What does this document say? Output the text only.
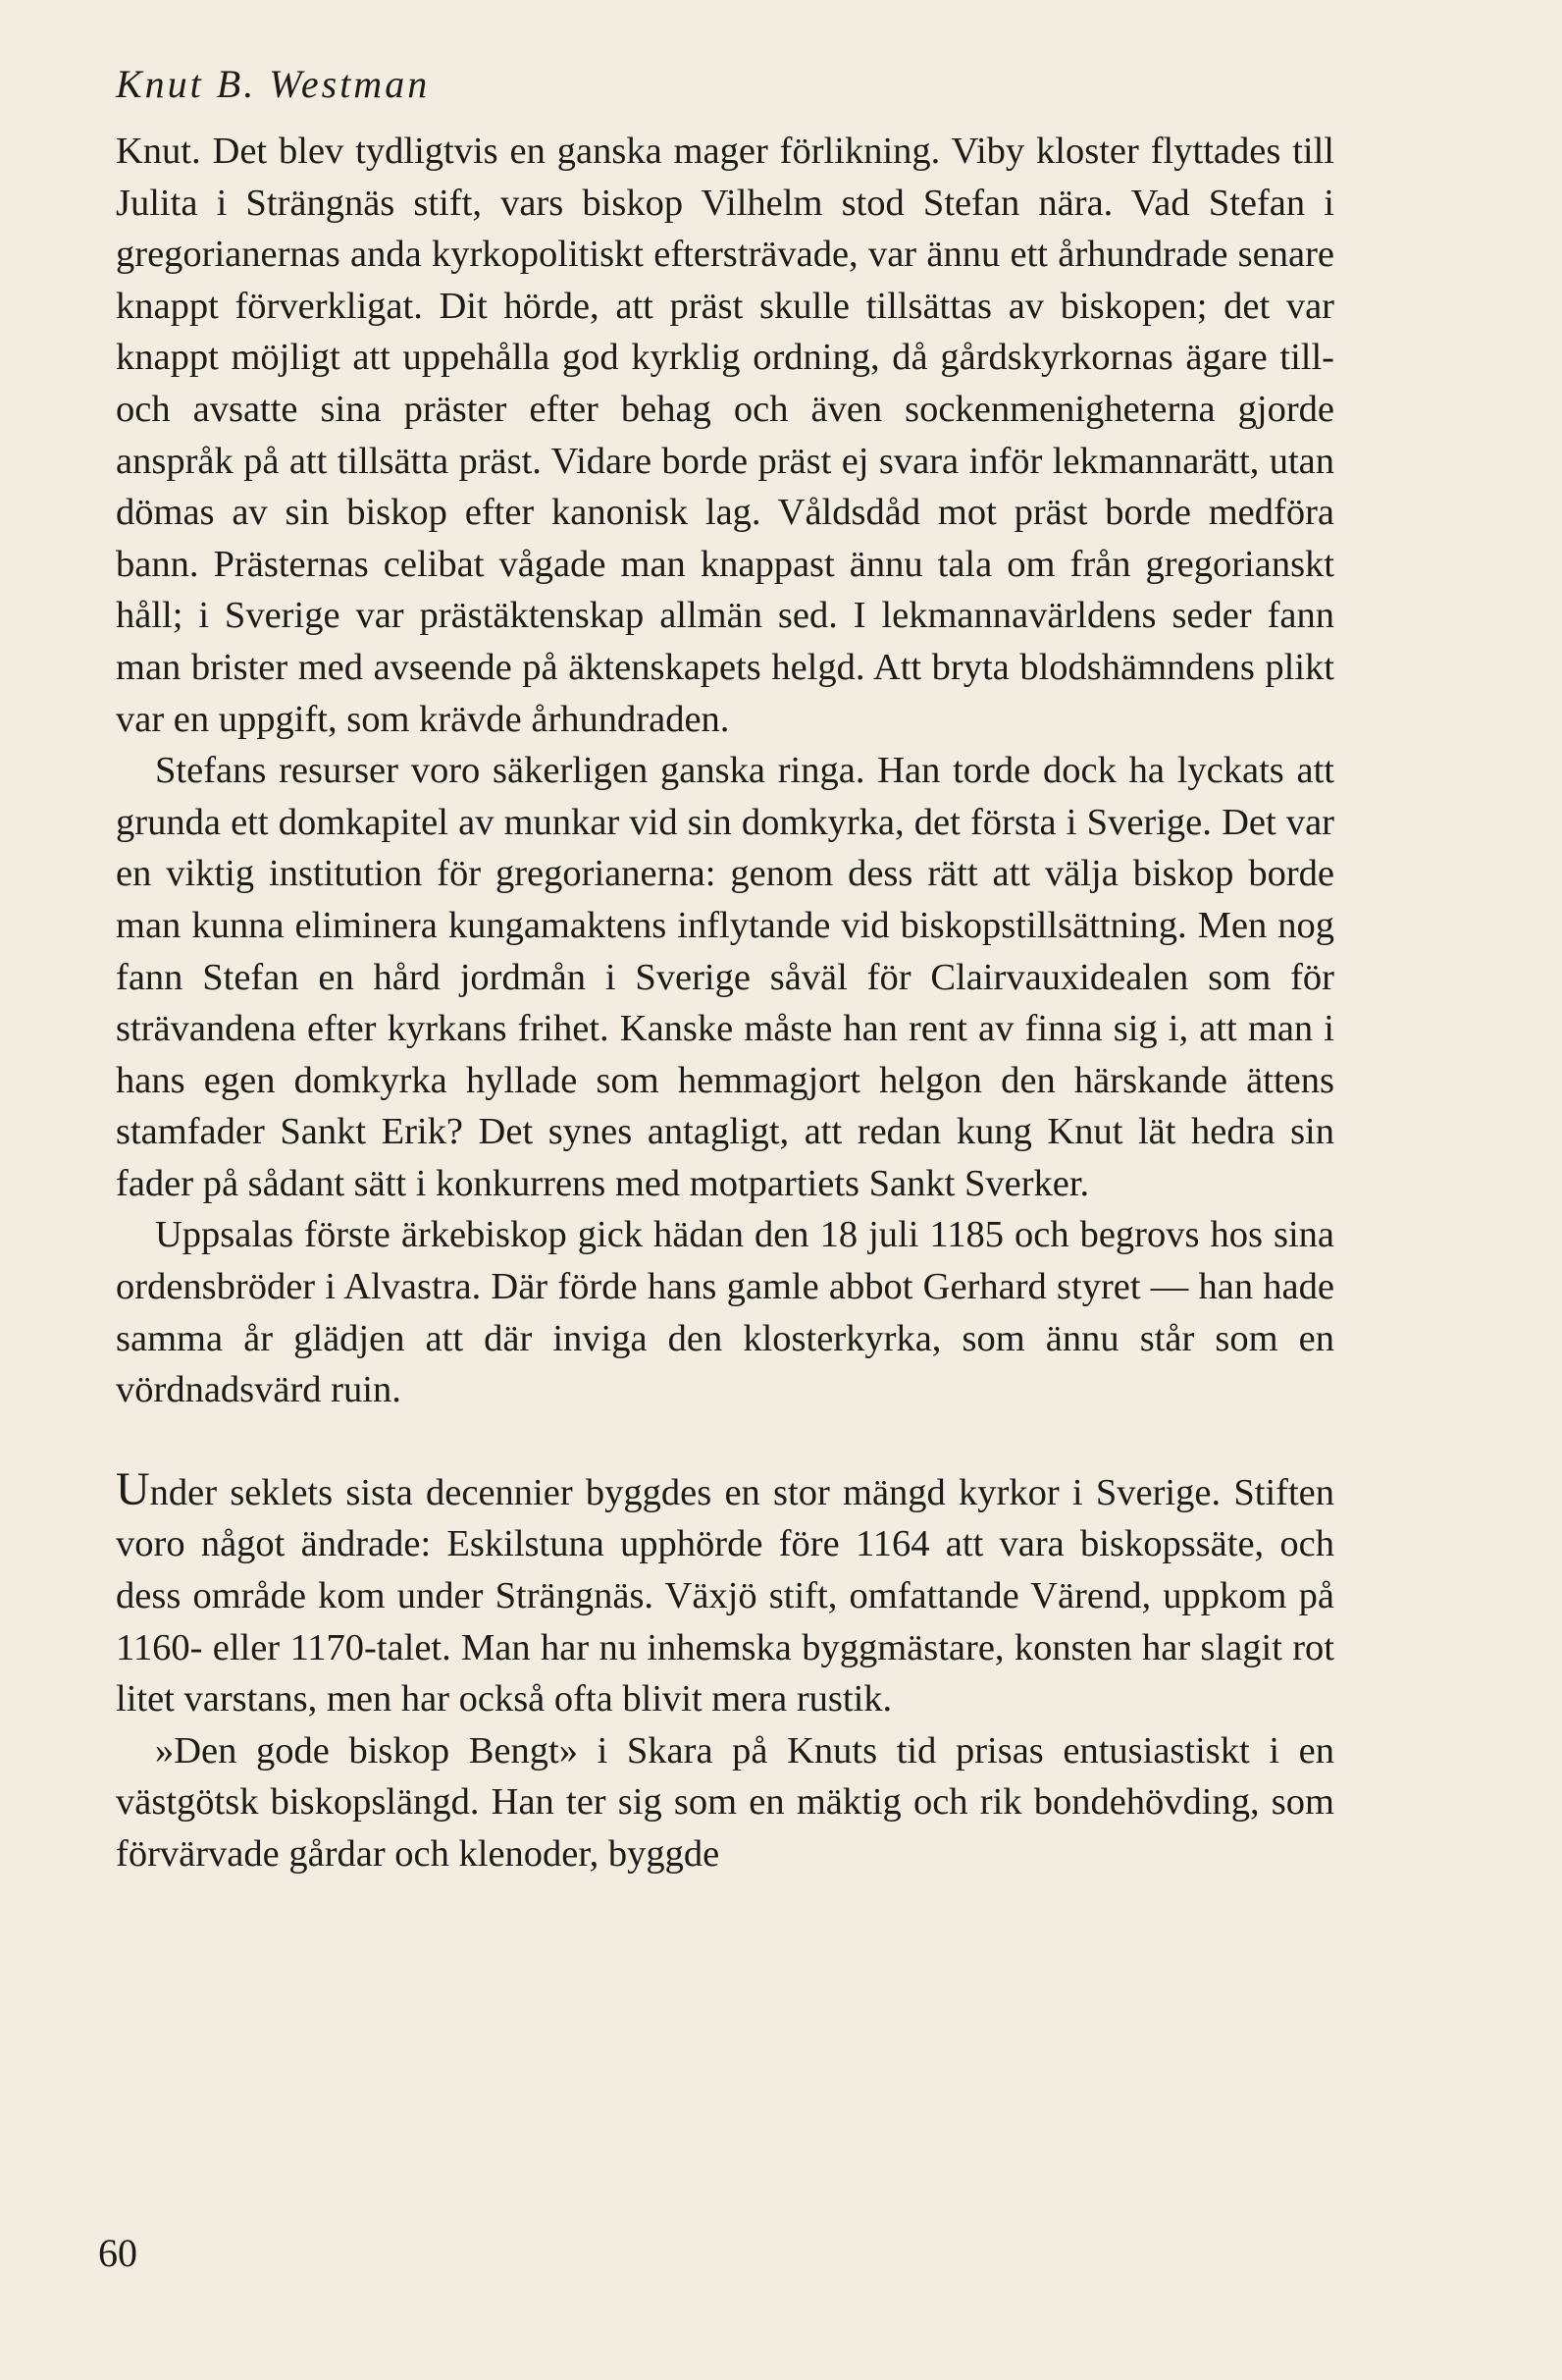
Knut B. Westman

Knut. Det blev tydligtvis en ganska mager förlikning. Viby kloster flyttades till Julita i Strängnäs stift, vars biskop Vilhelm stod Stefan nära. Vad Stefan i gregorianernas anda kyrkopolitiskt eftersträvade, var ännu ett århundrade senare knappt förverkligat. Dit hörde, att präst skulle tillsättas av biskopen; det var knappt möjligt att uppehålla god kyrklig ordning, då gårdskyrkornas ägare till- och avsatte sina präster efter behag och även sockenmenigheterna gjorde anspråk på att tillsätta präst. Vidare borde präst ej svara inför lekmannarätt, utan dömas av sin biskop efter kanonisk lag. Våldsdåd mot präst borde medföra bann. Prästernas celibat vågade man knappast ännu tala om från gregorianskt håll; i Sverige var prästäktenskap allmän sed. I lekmannavärldens seder fann man brister med avseende på äktenskapets helgd. Att bryta blodshämndens plikt var en uppgift, som krävde århundraden.

Stefans resurser voro säkerligen ganska ringa. Han torde dock ha lyckats att grunda ett domkapitel av munkar vid sin domkyrka, det första i Sverige. Det var en viktig institution för gregorianerna: genom dess rätt att välja biskop borde man kunna eliminera kungamaktens inflytande vid biskopstillsättning. Men nog fann Stefan en hård jordmån i Sverige såväl för Clairvauxidealen som för strävandena efter kyrkans frihet. Kanske måste han rent av finna sig i, att man i hans egen domkyrka hyllade som hemmagjort helgon den härskande ättens stamfader Sankt Erik? Det synes antagligt, att redan kung Knut lät hedra sin fader på sådant sätt i konkurrens med motpartiets Sankt Sverker.

Uppsalas förste ärkebiskop gick hädan den 18 juli 1185 och begrovs hos sina ordensbröder i Alvastra. Där förde hans gamle abbot Gerhard styret — han hade samma år glädjen att där inviga den klosterkyrka, som ännu står som en vördnadsvärd ruin.

Under seklets sista decennier byggdes en stor mängd kyrkor i Sverige. Stiften voro något ändrade: Eskilstuna upphörde före 1164 att vara biskopssäte, och dess område kom under Strängnäs. Växjö stift, omfattande Värend, uppkom på 1160- eller 1170-talet. Man har nu inhemska byggmästare, konsten har slagit rot litet varstans, men har också ofta blivit mera rustik.

»Den gode biskop Bengt» i Skara på Knuts tid prisas entusiastiskt i en västgötsk biskopslängd. Han ter sig som en mäktig och rik bondehövding, som förvärvade gårdar och klenoder, byggde

60
